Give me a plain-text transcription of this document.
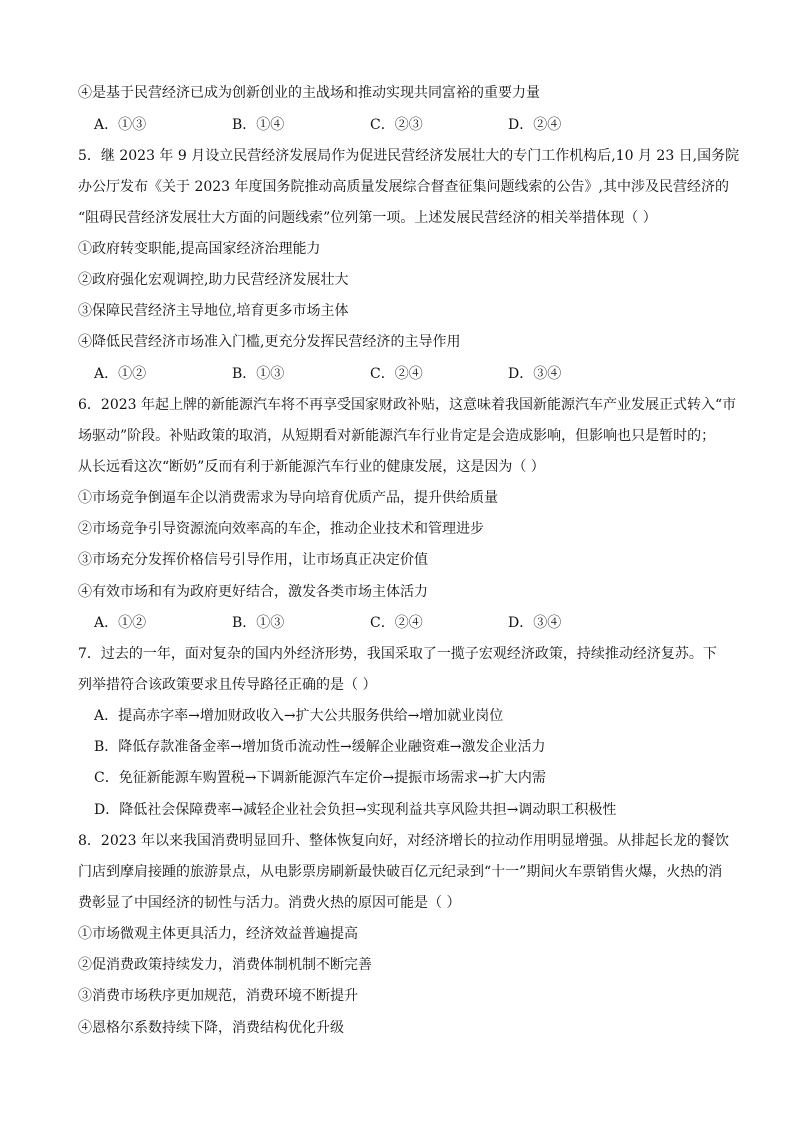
④是基于民营经济已成为创新创业的主战场和推动实现共同富裕的重要力量
A．①③	B．①④	C．②③	D．②④
5．继 2023 年 9 月设立民营经济发展局作为促进民营经济发展壮大的专门工作机构后,10 月 23 日,国务院
办公厅发布《关于 2023 年度国务院推动高质量发展综合督查征集问题线索的公告》,其中涉及民营经济的
“阻碍民营经济发展壮大方面的问题线索”位列第一项。上述发展民营经济的相关举措体现（ ）
①政府转变职能,提高国家经济治理能力
②政府强化宏观调控,助力民营经济发展壮大
③保障民营经济主导地位,培育更多市场主体
④降低民营经济市场准入门槛,更充分发挥民营经济的主导作用
A．①②	B．①③	C．②④	D．③④
6．2023 年起上牌的新能源汽车将不再享受国家财政补贴，这意味着我国新能源汽车产业发展正式转入“市
场驱动”阶段。补贴政策的取消，从短期看对新能源汽车行业肯定是会造成影响，但影响也只是暂时的；
从长远看这次“断奶”反而有利于新能源汽车行业的健康发展，这是因为（ ）
①市场竞争倒逼车企以消费需求为导向培育优质产品，提升供给质量
②市场竞争引导资源流向效率高的车企，推动企业技术和管理进步
③市场充分发挥价格信号引导作用，让市场真正决定价值
④有效市场和有为政府更好结合，激发各类市场主体活力
A．①②	B．①③	C．②④	D．③④
7．过去的一年，面对复杂的国内外经济形势，我国采取了一揽子宏观经济政策，持续推动经济复苏。下
列举措符合该政策要求且传导路径正确的是（ ）
A．提高赤字率→增加财政收入→扩大公共服务供给→增加就业岗位
B．降低存款准备金率→增加货币流动性→缓解企业融资难→激发企业活力
C．免征新能源车购置税→下调新能源汽车定价→提振市场需求→扩大内需
D．降低社会保障费率→减轻企业社会负担→实现利益共享风险共担→调动职工积极性
8．2023 年以来我国消费明显回升、整体恢复向好，对经济增长的拉动作用明显增强。从排起长龙的餐饮
门店到摩肩接踵的旅游景点，从电影票房刷新最快破百亿元纪录到“十一”期间火车票销售火爆，火热的消
费彰显了中国经济的韧性与活力。消费火热的原因可能是（ ）
①市场微观主体更具活力，经济效益普遍提高
②促消费政策持续发力，消费体制机制不断完善
③消费市场秩序更加规范，消费环境不断提升
④恩格尔系数持续下降，消费结构优化升级
